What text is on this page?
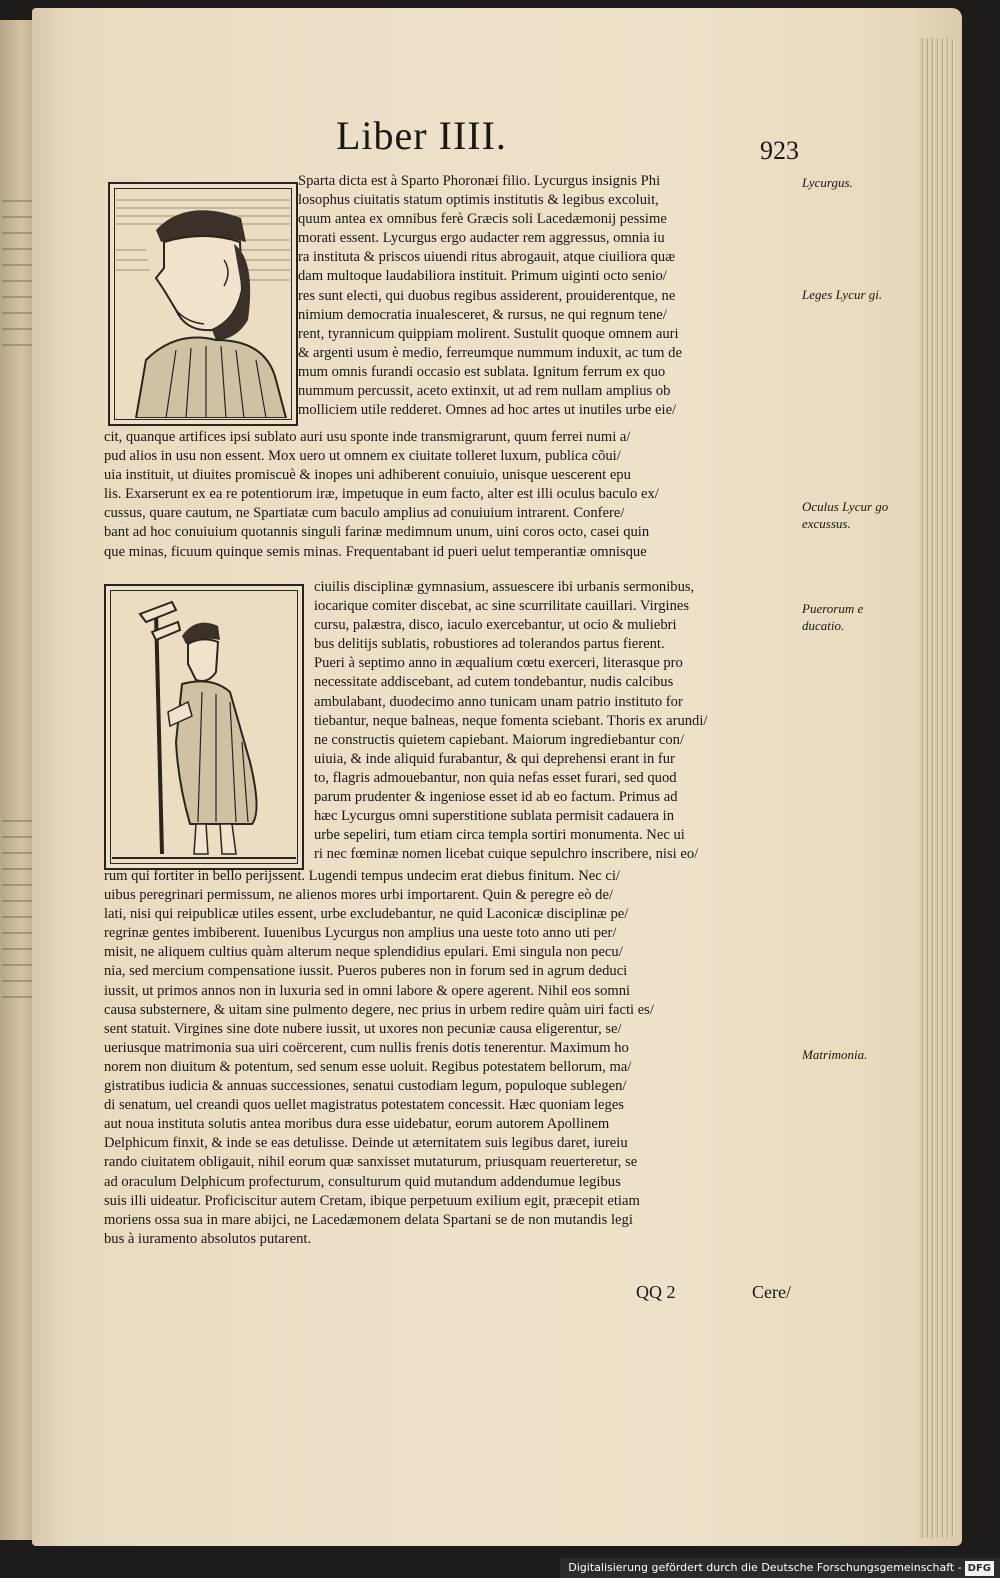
Liber IIII.	923
Sparta dicta est à Sparto Phoronæi filio. Lycurgus insignis Phi
losophus ciuitatis statum optimis institutis & legibus excoluit,
quum antea ex omnibus ferè Græcis soli Lacedæmonij pessime
morati essent. Lycurgus ergo audacter rem aggressus, omnia iu
ra instituta & priscos uiuendi ritus abrogauit, atque ciuiliora quæ
dam multoque laudabiliora instituit. Primum uiginti octo senio/
res sunt electi, qui duobus regibus assiderent, prouiderentque, ne
nimium democratia inualesceret, & rursus, ne qui regnum tene/
rent, tyrannicum quippiam molirent. Sustulit quoque omnem auri
& argenti usum è medio, ferreumque nummum induxit, ac tum de
mum omnis furandi occasio est sublata. Ignitum ferrum ex quo
nummum percussit, aceto extinxit, ut ad rem nullam amplius ob
molliciem utile redderet. Omnes ad hoc artes ut inutiles urbe eie/
cit, quanque artifices ipsi sublato auri usu sponte inde transmigrarunt, quum ferrei numi a/
pud alios in usu non essent. Mox uero ut omnem ex ciuitate tolleret luxum, publica cõui/
uia instituit, ut diuites promiscuè & inopes uni adhiberent conuiuio, unisque uescerent epu
lis. Exarserunt ex ea re potentiorum iræ, impetuque in eum facto, alter est illi oculus baculo ex/
cussus, quare cautum, ne Spartiatæ cum baculo amplius ad conuiuium intrarent. Confere/
bant ad hoc conuiuium quotannis singuli farinæ medimnum unum, uini coros octo, casei quin
que minas, ficuum quinque semis minas. Frequentabant id pueri uelut temperantiæ omnisque
ciuilis disciplinæ gymnasium, assuescere ibi urbanis sermonibus,
iocarique comiter discebat, ac sine scurrilitate cauillari. Virgines
cursu, palæstra, disco, iaculo exercebantur, ut ocio & muliebri
bus delitijs sublatis, robustiores ad tolerandos partus fierent.
Pueri à septimo anno in æqualium cœtu exerceri, literasque pro
necessitate addiscebant, ad cutem tondebantur, nudis calcibus
ambulabant, duodecimo anno tunicam unam patrio instituto for
tiebantur, neque balneas, neque fomenta sciebant. Thoris ex arundi/
ne constructis quietem capiebant. Maiorum ingrediebantur con/
uiuia, & inde aliquid furabantur, & qui deprehensi erant in fur
to, flagris admouebantur, non quia nefas esset furari, sed quod
parum prudenter & ingeniose esset id ab eo factum. Primus ad
hæc Lycurgus omni superstitione sublata permisit cadauera in
urbe sepeliri, tum etiam circa templa sortiri monumenta. Nec ui
ri nec fœminæ nomen licebat cuique sepulchro inscribere, nisi eo/
rum qui fortiter in bello perijssent. Lugendi tempus undecim erat diebus finitum. Nec ci/
uibus peregrinari permissum, ne alienos mores urbi importarent. Quin & peregre eò de/
lati, nisi qui reipublicæ utiles essent, urbe excludebantur, ne quid Laconicæ disciplinæ pe/
regrinæ gentes imbiberent. Iuuenibus Lycurgus non amplius una ueste toto anno uti per/
misit, ne aliquem cultius quàm alterum neque splendidius epulari. Emi singula non pecu/
nia, sed mercium compensatione iussit. Pueros puberes non in forum sed in agrum deduci
iussit, ut primos annos non in luxuria sed in omni labore & opere agerent. Nihil eos somni
causa substernere, & uitam sine pulmento degere, nec prius in urbem redire quàm uiri facti es/
sent statuit. Virgines sine dote nubere iussit, ut uxores non pecuniæ causa eligerentur, se/
ueriusque matrimonia sua uiri coërcerent, cum nullis frenis dotis tenerentur. Maximum ho
norem non diuitum & potentum, sed senum esse uoluit. Regibus potestatem bellorum, ma/
gistratibus iudicia & annuas successiones, senatui custodiam legum, populoque sublegen/
di senatum, uel creandi quos uellet magistratus potestatem concessit. Hæc quoniam leges
aut noua instituta solutis antea moribus dura esse uidebatur, eorum autorem Apollinem
Delphicum finxit, & inde se eas detulisse. Deinde ut æternitatem suis legibus daret, iureiu
rando ciuitatem obligauit, nihil eorum quæ sanxisset mutaturum, priusquam reuerteretur, se
ad oraculum Delphicum profecturum, consulturum quid mutandum addendumue legibus
suis illi uideatur. Proficiscitur autem Cretam, ibique perpetuum exilium egit, præcepit etiam
moriens ossa sua in mare abijci, ne Lacedæmonem delata Spartani se de non mutandis legi
bus à iuramento absolutos putarent.
Lycurgus.
Leges Lycur gi.
Oculus Lycur go excussus.
Puerorum e ducatio.
Matrimonia.
QQ 2	Cere/
Digitalisierung gefördert durch die Deutsche Forschungsgemeinschaft - DFG
